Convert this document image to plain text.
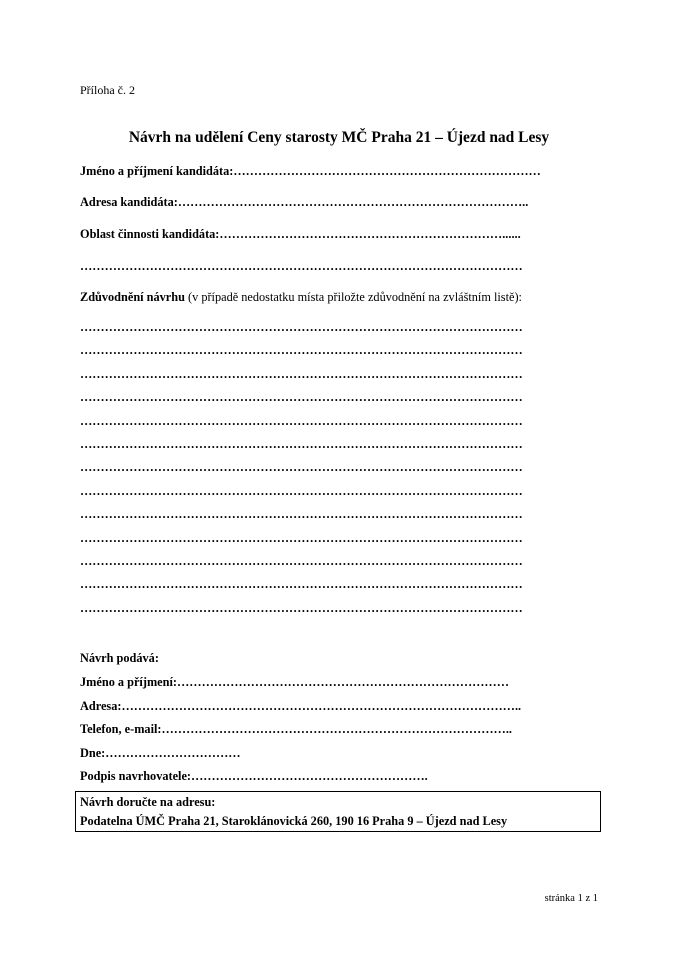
Příloha č. 2
Návrh na udělení Ceny starosty MČ Praha 21 – Újezd nad Lesy
Jméno a příjmení kandidáta:…………………………………………………………………
Adresa kandidáta:…………………………………………………………………………..
Oblast činnosti kandidáta:……………………………………………………………......
………………………………………………………………………………………………
Zdůvodnění návrhu (v případě nedostatku místa přiložte zdůvodnění na zvláštním listě):
………………………………………………………………………………………………
………………………………………………………………………………………………
………………………………………………………………………………………………
………………………………………………………………………………………………
………………………………………………………………………………………………
………………………………………………………………………………………………
………………………………………………………………………………………………
………………………………………………………………………………………………
………………………………………………………………………………………………
………………………………………………………………………………………………
………………………………………………………………………………………………
………………………………………………………………………………………………
………………………………………………………………………………………………
Návrh podává:
Jméno a příjmení:………………………………………………………………………
Adresa:……………………………………………………………………………………..
Telefon, e-mail:…………………………………………………………………………..
Dne:……………………………
Podpis navrhovatele:………………………………………………….
Návrh doručte na adresu:
Podatelna ÚMČ Praha 21, Staroklánovická 260, 190 16 Praha 9 – Újezd nad Lesy
stránka 1 z 1
